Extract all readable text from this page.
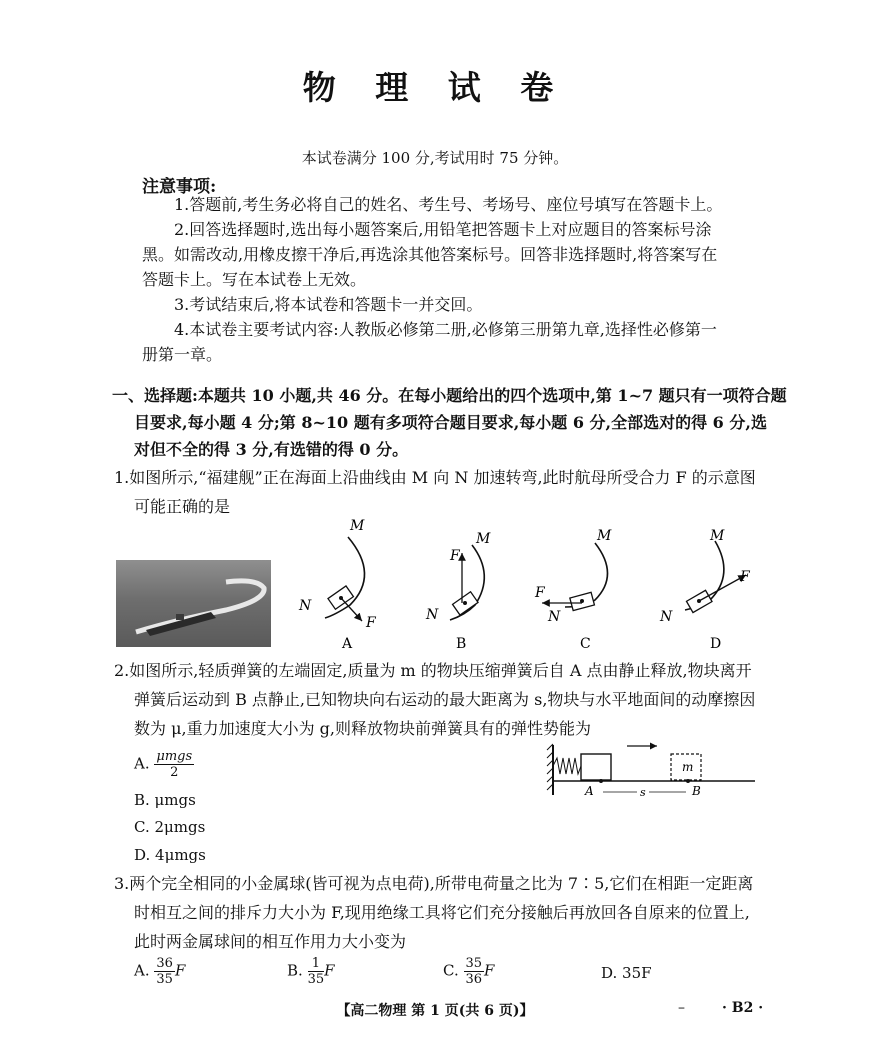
物 理 试 卷
本试卷满分 100 分,考试用时 75 分钟。
注意事项:
1.答题前,考生务必将自己的姓名、考生号、考场号、座位号填写在答题卡上。
2.回答选择题时,选出每小题答案后,用铅笔把答题卡上对应题目的答案标号涂
黑。如需改动,用橡皮擦干净后,再选涂其他答案标号。回答非选择题时,将答案写在
答题卡上。写在本试卷上无效。
3.考试结束后,将本试卷和答题卡一并交回。
4.本试卷主要考试内容:人教版必修第二册,必修第三册第九章,选择性必修第一
册第一章。
一、选择题:本题共 10 小题,共 46 分。在每小题给出的四个选项中,第 1~7 题只有一项符合题
目要求,每小题 4 分;第 8~10 题有多项符合题目要求,每小题 6 分,全部选对的得 6 分,选
对但不全的得 3 分,有选错的得 0 分。
1.如图所示,“福建舰”正在海面上沿曲线由 M 向 N 加速转弯,此时航母所受合力 F 的示意图
可能正确的是
M
N
F
A
M
F
N
B
M
F
N
C
M
F
N
D
2.如图所示,轻质弹簧的左端固定,质量为 m 的物块压缩弹簧后自 A 点由静止释放,物块离开
弹簧后运动到 B 点静止,已知物块向右运动的最大距离为 s,物块与水平地面间的动摩擦因
数为 μ,重力加速度大小为 g,则释放物块前弹簧具有的弹性势能为
A. $\frac{\text{μmgs}}{2}$
B. μmgs
C. 2μmgs
D. 4μmgs
m
A	B
s
3.两个完全相同的小金属球(皆可视为点电荷),所带电荷量之比为 7∶5,它们在相距一定距离
时相互之间的排斥力大小为 F,现用绝缘工具将它们充分接触后再放回各自原来的位置上,
此时两金属球间的相互作用力大小变为
A. $\frac{36}{35}$ F	B. $\frac{1}{35}$ F	C. $\frac{35}{36}$ F	D. 35F
【高二物理 第 1 页(共 6 页)】	–	· B2 ·
